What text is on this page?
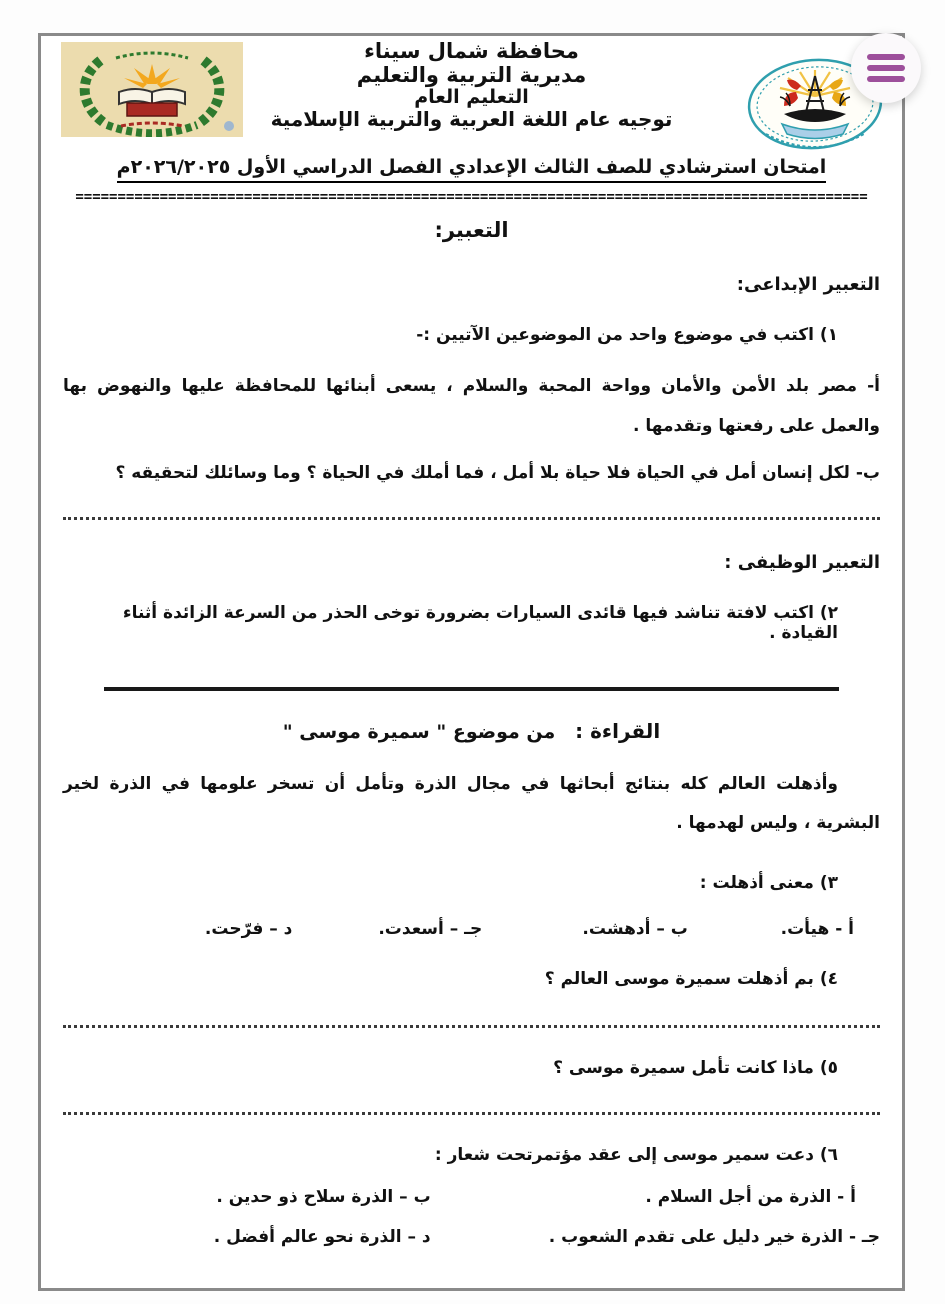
محافظة شمال سيناء
مديرية التربية والتعليم
التعليم العام
توجيه عام اللغة العربية والتربية الإسلامية
امتحان استرشادي للصف الثالث الإعدادي الفصل الدراسي الأول ٢٠٢٦/٢٠٢٥م
==============================================================================================
التعبير:
التعبير الإبداعى:
١) اكتب في موضوع واحد من الموضوعين الآتيين :-
أ- مصر بلد الأمن والأمان وواحة المحبة والسلام ، يسعى أبنائها للمحافظة عليها والنهوض بها والعمل على رفعتها وتقدمها .
ب- لكل إنسان أمل في الحياة فلا حياة بلا أمل ، فما أملك في الحياة ؟ وما وسائلك لتحقيقه ؟
التعبير الوظيفى :
٢) اكتب لافتة تناشد فيها قائدى السيارات بضرورة توخى الحذر من السرعة الزائدة أثناء القيادة .
القراءة :   من موضوع " سميرة موسى "
وأذهلت العالم كله بنتائج أبحاثها في مجال الذرة وتأمل أن تسخر علومها في الذرة لخير البشرية ، وليس لهدمها .
٣) معنى أذهلت :
أ - هيأت.
ب – أدهشت.
جـ – أسعدت.
د – فرّحت.
٤) بم أذهلت سميرة موسى العالم ؟
٥) ماذا كانت تأمل سميرة موسى ؟
٦) دعت سمير موسى إلى عقد مؤتمرتحت شعار :
أ - الذرة من أجل السلام .
ب – الذرة سلاح ذو حدين .
جـ - الذرة خير دليل على تقدم الشعوب .
د – الذرة نحو عالم أفضل .
